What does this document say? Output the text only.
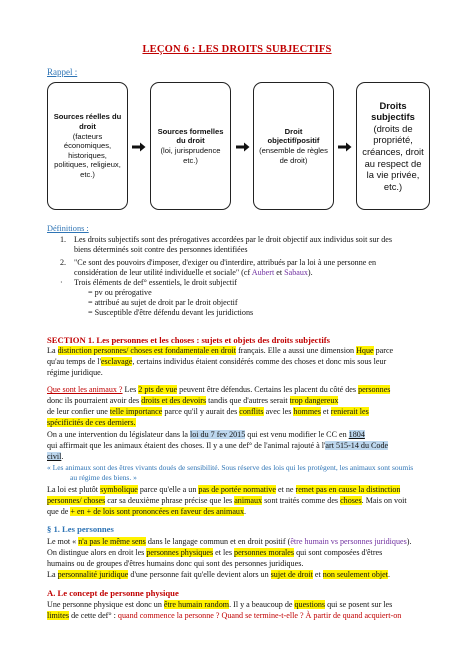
LEÇON 6 : LES DROITS SUBJECTIFS
Rappel :
Sources réelles du droit
(facteurs économiques, historiques, politiques, religieux, etc.)
Sources formelles du droit
(loi, jurisprudence etc.)
Droit objectif/positif
(ensemble de règles de droit)
Droits subjectifs
(droits de propriété, créances, droit au respect de la vie privée, etc.)
Définitions :
1. Les droits subjectifs sont des prérogatives accordées par le droit objectif aux individus soit sur des
biens déterminés soit contre des personnes identifiées
2. "Ce sont des pouvoirs d'imposer, d'exiger ou d'interdire, attribués par la loi à une personne en
considération de leur utilité individuelle et sociale" (cf Aubert et Sabaux).
· Trois éléments de def° essentiels, le droit subjectif
= pv ou prérogative
= attribué au sujet de droit par le droit objectif
= Susceptible d'être défendu devant les juridictions
SECTION 1. Les personnes et les choses : sujets et objets des droits subjectifs
La distinction personnes/ choses est fondamentale en droit français. Elle a aussi une dimension Hque parce
qu'au temps de l'esclavage, certains individus étaient considérés comme des choses et donc mis sous leur
régime juridique.
Que sont les animaux ? Les 2 pts de vue peuvent être défendus. Certains les placent du côté des personnes
donc ils pourraient avoir des droits et des devoirs tandis que d'autres serait trop dangereux
de leur confier une telle importance parce qu'il y aurait des conflits avec les hommes et renierait les
spécificités de ces derniers.
On a une intervention du législateur dans la loi du 7 fev 2015 qui est venu modifier le CC en 1804
qui affirmait que les animaux étaient des choses. Il y a une def° de l'animal rajouté à l'art 515-14 du Code
civil.
« Les animaux sont des êtres vivants doués de sensibilité. Sous réserve des lois qui les protègent, les animaux sont soumis
au régime des biens. »
La loi est plutôt symbolique parce qu'elle a un pas de portée normative et ne remet pas en cause la distinction
personnes/ choses car sa deuxième phrase précise que les animaux sont traités comme des choses. Mais on voit
que de + en + de lois sont prononcées en faveur des animaux.
§ 1. Les personnes
Le mot « n'a pas le même sens dans le langage commun et en droit positif (être humain vs personnes juridiques).
On distingue alors en droit les personnes physiques et les personnes morales qui sont composées d'êtres
humains ou de groupes d'êtres humains donc qui sont des personnes juridiques.
La personnalité juridique d'une personne fait qu'elle devient alors un sujet de droit et non seulement objet.
A. Le concept de personne physique
Une personne physique est donc un être humain random. Il y a beaucoup de questions qui se posent sur les
limites de cette def° : quand commence la personne ? Quand se termine-t-elle ? À partir de quand acquiert-on
